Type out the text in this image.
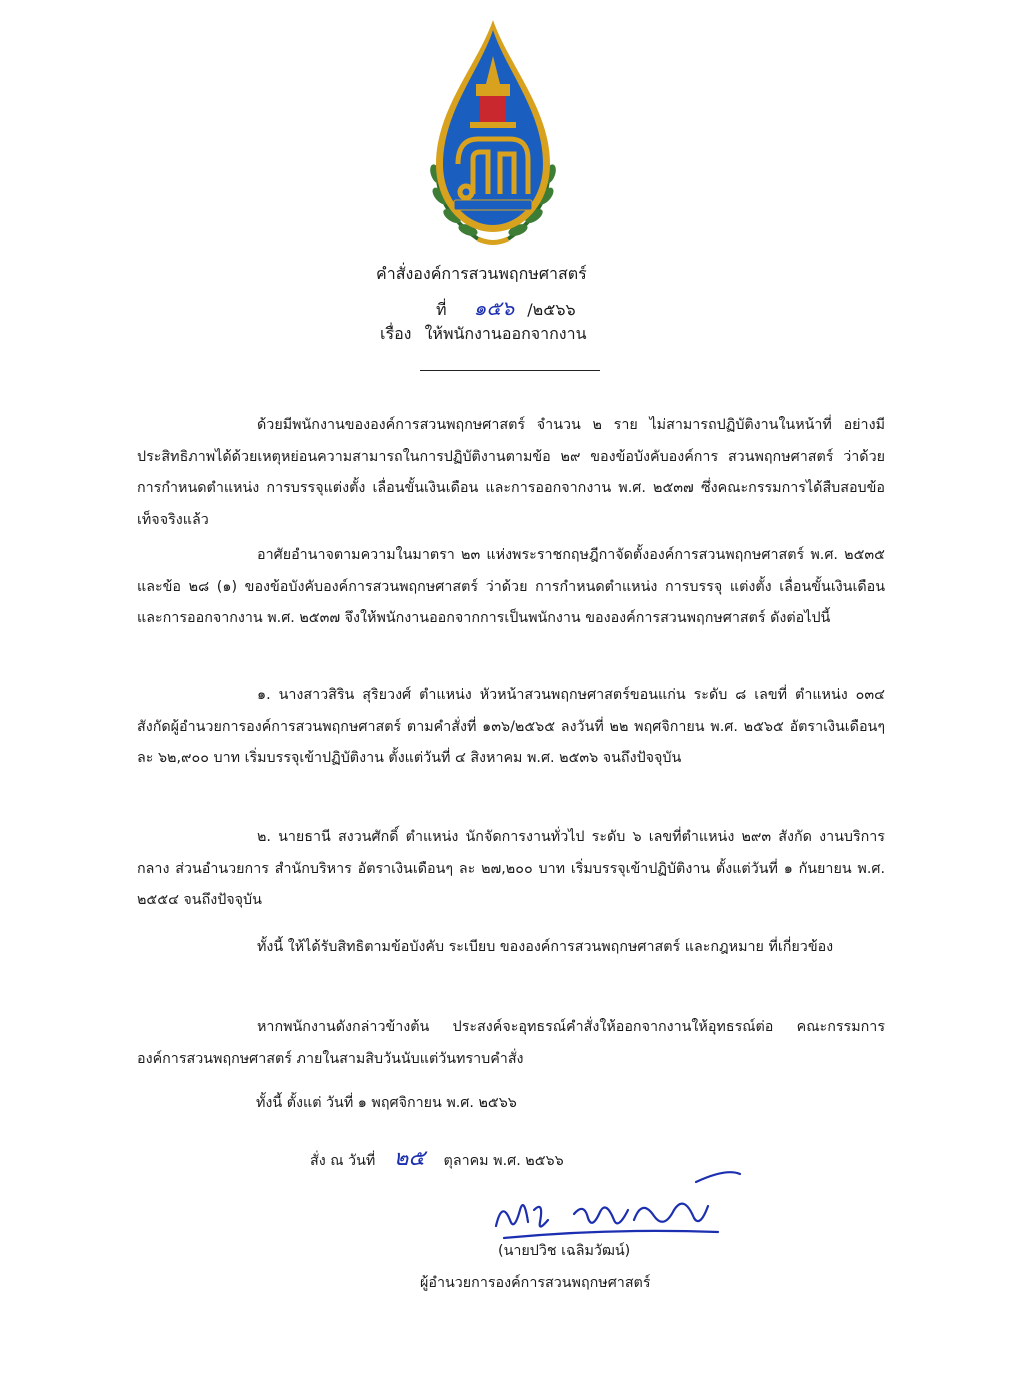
คำสั่งองค์การสวนพฤกษศาสตร์
ที่ ๑๕๖ /๒๕๖๖
เรื่อง ให้พนักงานออกจากงาน

ด้วยมีพนักงานขององค์การสวนพฤกษศาสตร์ จำนวน ๒ ราย ไม่สามารถปฏิบัติงานในหน้าที่ อย่างมีประสิทธิภาพได้ด้วยเหตุหย่อนความสามารถในการปฏิบัติงานตามข้อ ๒๙ ของข้อบังคับองค์การ สวนพฤกษศาสตร์ ว่าด้วย การกำหนดตำแหน่ง การบรรจุแต่งตั้ง เลื่อนขั้นเงินเดือน และการออกจากงาน พ.ศ. ๒๕๓๗ ซึ่งคณะกรรมการได้สืบสอบข้อเท็จจริงแล้ว

อาศัยอำนาจตามความในมาตรา ๒๓ แห่งพระราชกฤษฎีกาจัดตั้งองค์การสวนพฤกษศาสตร์ พ.ศ. ๒๕๓๕ และข้อ ๒๘ (๑) ของข้อบังคับองค์การสวนพฤกษศาสตร์ ว่าด้วย การกำหนดตำแหน่ง การบรรจุ แต่งตั้ง เลื่อนขั้นเงินเดือน และการออกจากงาน พ.ศ. ๒๕๓๗ จึงให้พนักงานออกจากการเป็นพนักงาน ขององค์การสวนพฤกษศาสตร์ ดังต่อไปนี้

๑. นางสาวสิริน สุริยวงศ์ ตำแหน่ง หัวหน้าสวนพฤกษศาสตร์ขอนแก่น ระดับ ๘ เลขที่ ตำแหน่ง ๐๓๔ สังกัดผู้อำนวยการองค์การสวนพฤกษศาสตร์ ตามคำสั่งที่ ๑๓๖/๒๕๖๕ ลงวันที่ ๒๒ พฤศจิกายน พ.ศ. ๒๕๖๕ อัตราเงินเดือนๆ ละ ๖๒,๙๐๐ บาท เริ่มบรรจุเข้าปฏิบัติงาน ตั้งแต่วันที่ ๔ สิงหาคม พ.ศ. ๒๕๓๖ จนถึงปัจจุบัน

๒. นายธานี สงวนศักดิ์ ตำแหน่ง นักจัดการงานทั่วไป ระดับ ๖ เลขที่ตำแหน่ง ๒๙๓ สังกัด งานบริการกลาง ส่วนอำนวยการ สำนักบริหาร อัตราเงินเดือนๆ ละ ๒๗,๒๐๐ บาท เริ่มบรรจุเข้าปฏิบัติงาน ตั้งแต่วันที่ ๑ กันยายน พ.ศ. ๒๕๕๔ จนถึงปัจจุบัน

ทั้งนี้ ให้ได้รับสิทธิตามข้อบังคับ ระเบียบ ขององค์การสวนพฤกษศาสตร์ และกฎหมาย ที่เกี่ยวข้อง

หากพนักงานดังกล่าวข้างต้น ประสงค์จะอุทธรณ์คำสั่งให้ออกจากงานให้อุทธรณ์ต่อ คณะกรรมการองค์การสวนพฤกษศาสตร์ ภายในสามสิบวันนับแต่วันทราบคำสั่ง

ทั้งนี้ ตั้งแต่ วันที่ ๑ พฤศจิกายน พ.ศ. ๒๕๖๖
สั่ง ณ วันที่ ๒๕ ตุลาคม พ.ศ. ๒๕๖๖
(นายปวิช เฉลิมวัฒน์)
ผู้อำนวยการองค์การสวนพฤกษศาสตร์
